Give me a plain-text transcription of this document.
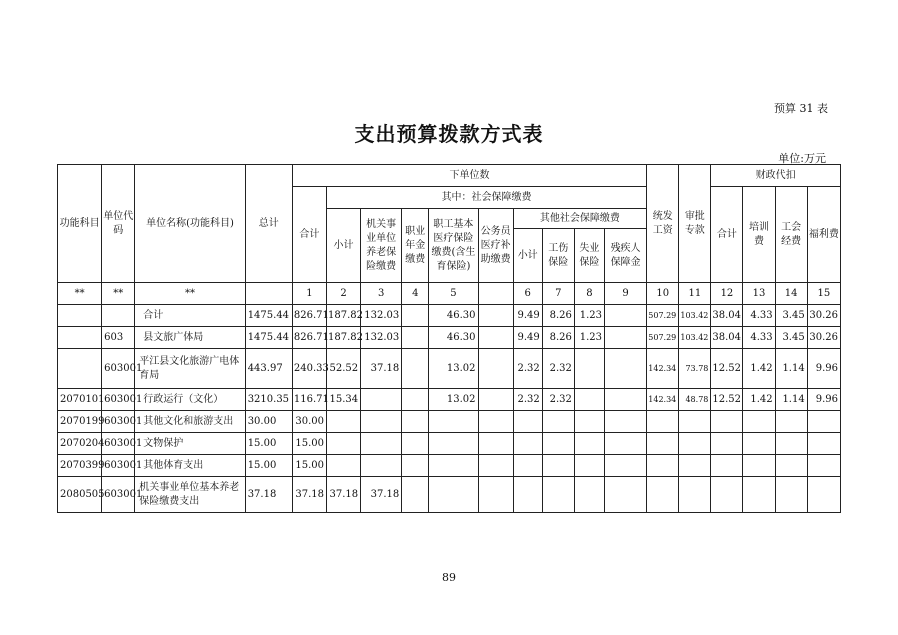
预算 31 表
支出预算拨款方式表
单位:万元
功能科目	单位代码	单位名称(功能科目)	总计	下单位数										统发工资	审批专款	财政代扣			
				合计	其中：社会保障缴费											合计	培训费	工会经费	福利费
					小计	机关事业单位养老保险缴费	职业年金缴费	职工基本医疗保险缴费(含生育保险)	公务员医疗补助缴费	其他社会保障缴费									
										小计	工伤保险	失业保险	残疾人保障金						
**	**	**		1	2	3	4	5		6	7	8	9	10	11	12	13	14	15
		合计	1475.44	826.71	187.82	132.03		46.30		9.49	8.26	1.23		507.29	103.42	38.04	4.33	3.45	30.26
	603	县文旅广体局	1475.44	826.71	187.82	132.03		46.30		9.49	8.26	1.23		507.29	103.42	38.04	4.33	3.45	30.26
	603001	平江县文化旅游广电体育局	443.97	240.33	52.52	37.18		13.02		2.32	2.32			142.34	73.78	12.52	1.42	1.14	9.96
2070101	603001	行政运行（文化）	3210.35	116.71	15.34			13.02		2.32	2.32			142.34	48.78	12.52	1.42	1.14	9.96
2070199	603001	其他文化和旅游支出	30.00	30.00															
2070204	603001	文物保护	15.00	15.00															
2070399	603001	其他体育支出	15.00	15.00															
2080505	603001	机关事业单位基本养老保险缴费支出	37.18	37.18	37.18	37.18													
89
